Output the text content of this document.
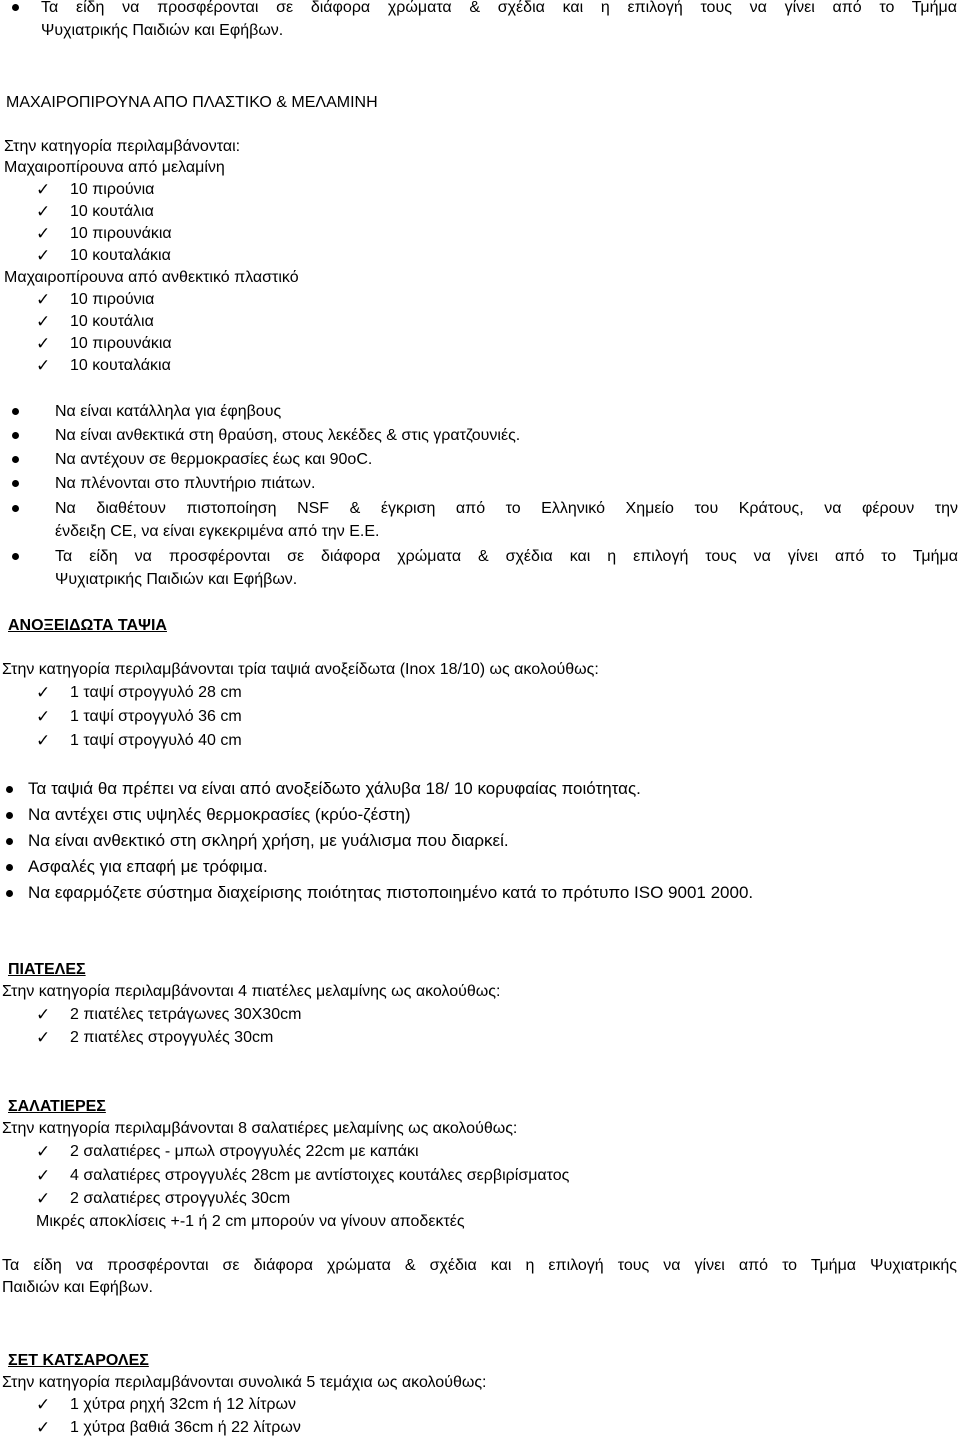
Τα είδη να προσφέρονται σε διάφορα χρώματα & σχέδια και η επιλογή τους να γίνει από το Τμήμα
Ψυχιατρικής Παιδιών και Εφήβων.
ΜΑΧΑΙΡΟΠΙΡΟΥΝΑ ΑΠΟ ΠΛΑΣΤΙΚΟ & ΜΕΛΑΜΙΝΗ
Στην κατηγορία περιλαμβάνονται:
Μαχαιροπίρουνα από μελαμίνη
✓ 10 πιρούνια
✓ 10 κουτάλια
✓ 10 πιρουνάκια
✓ 10 κουταλάκια
Μαχαιροπίρουνα από ανθεκτικό πλαστικό
✓ 10 πιρούνια
✓ 10 κουτάλια
✓ 10 πιρουνάκια
✓ 10 κουταλάκια
Να είναι κατάλληλα για έφηβους
Να είναι ανθεκτικά στη θραύση, στους λεκέδες & στις γρατζουνιές.
Να αντέχουν σε θερμοκρασίες έως και 90oC.
Να πλένονται στο πλυντήριο πιάτων.
Να διαθέτουν πιστοποίηση NSF & έγκριση από το Ελληνικό Χημείο του Κράτους, να φέρουν την
ένδειξη CE, να είναι εγκεκριμένα από την Ε.Ε.
Τα είδη να προσφέρονται σε διάφορα χρώματα & σχέδια και η επιλογή τους να γίνει από το Τμήμα
Ψυχιατρικής Παιδιών και Εφήβων.
ΑΝΟΞΕΙΔΩΤΑ ΤΑΨΙΑ
Στην κατηγορία περιλαμβάνονται τρία ταψιά ανοξείδωτα (Inox 18/10) ως ακολούθως:
✓ 1 ταψί στρογγυλό 28 cm
✓ 1 ταψί στρογγυλό 36 cm
✓ 1 ταψί στρογγυλό 40 cm
Τα ταψιά θα πρέπει να είναι από ανοξείδωτο χάλυβα 18/ 10 κορυφαίας ποιότητας.
Να αντέχει στις υψηλές θερμοκρασίες (κρύο-ζέστη)
Να είναι ανθεκτικό στη σκληρή χρήση, με γυάλισμα που διαρκεί.
Ασφαλές για επαφή με τρόφιμα.
Να εφαρμόζετε σύστημα διαχείρισης ποιότητας πιστοποιημένο κατά το πρότυπο ISO 9001 2000.
ΠΙΑΤΕΛΕΣ
Στην κατηγορία περιλαμβάνονται 4 πιατέλες μελαμίνης ως ακολούθως:
✓ 2 πιατέλες τετράγωνες 30Χ30cm
✓ 2 πιατέλες στρογγυλές 30cm
ΣΑΛΑΤΙΕΡΕΣ
Στην κατηγορία περιλαμβάνονται 8 σαλατιέρες μελαμίνης ως ακολούθως:
✓ 2 σαλατιέρες - μπωλ στρογγυλές 22cm με καπάκι
✓ 4 σαλατιέρες στρογγυλές 28cm με αντίστοιχες κουτάλες σερβιρίσματος
✓ 2 σαλατιέρες στρογγυλές 30cm
Μικρές αποκλίσεις +-1 ή 2 cm μπορούν να γίνουν αποδεκτές
Τα είδη να προσφέρονται σε διάφορα χρώματα & σχέδια και η επιλογή τους να γίνει από το Τμήμα Ψυχιατρικής
Παιδιών και Εφήβων.
ΣΕΤ ΚΑΤΣΑΡΟΛΕΣ
Στην κατηγορία περιλαμβάνονται συνολικά 5 τεμάχια ως ακολούθως:
✓ 1 χύτρα ρηχή 32cm ή 12 λίτρων
✓ 1 χύτρα βαθιά 36cm ή 22 λίτρων
